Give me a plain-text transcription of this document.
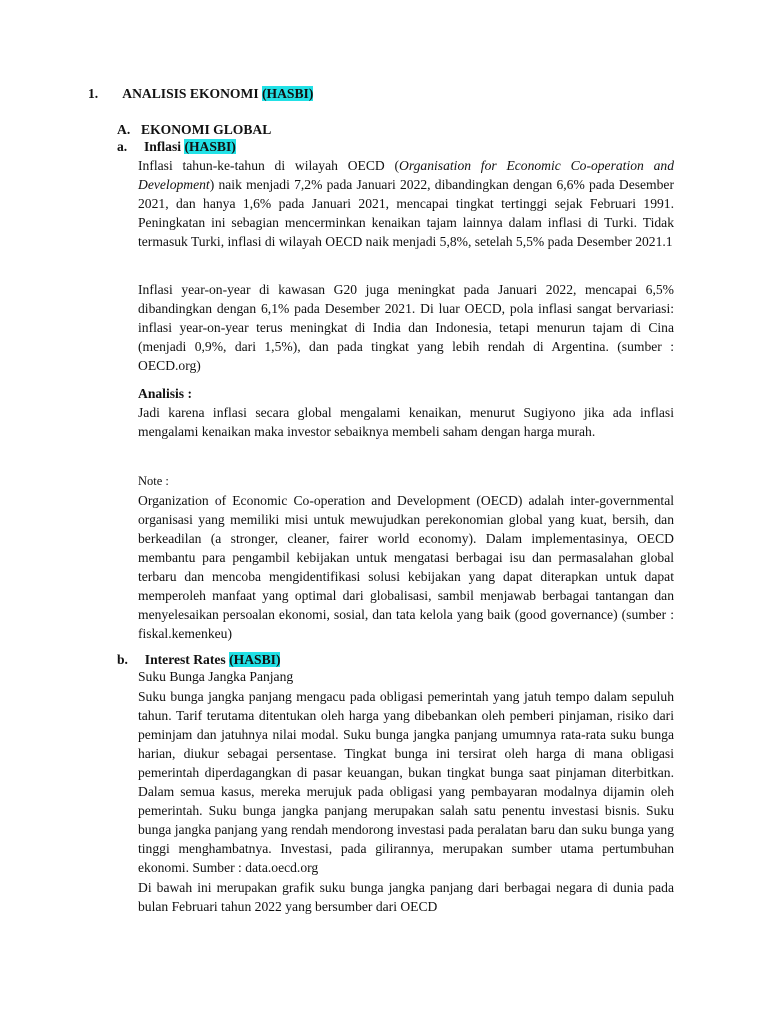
1. ANALISIS EKONOMI (HASBI)
A. EKONOMI GLOBAL
a. Inflasi (HASBI)

Inflasi tahun-ke-tahun di wilayah OECD (Organisation for Economic Co-operation and Development) naik menjadi 7,2% pada Januari 2022, dibandingkan dengan 6,6% pada Desember 2021, dan hanya 1,6% pada Januari 2021, mencapai tingkat tertinggi sejak Februari 1991. Peningkatan ini sebagian mencerminkan kenaikan tajam lainnya dalam inflasi di Turki. Tidak termasuk Turki, inflasi di wilayah OECD naik menjadi 5,8%, setelah 5,5% pada Desember 2021.1

Inflasi year-on-year di kawasan G20 juga meningkat pada Januari 2022, mencapai 6,5% dibandingkan dengan 6,1% pada Desember 2021. Di luar OECD, pola inflasi sangat bervariasi: inflasi year-on-year terus meningkat di India dan Indonesia, tetapi menurun tajam di Cina (menjadi 0,9%, dari 1,5%), dan pada tingkat yang lebih rendah di Argentina. (sumber : OECD.org)

Analisis :
Jadi karena inflasi secara global mengalami kenaikan, menurut Sugiyono jika ada inflasi mengalami kenaikan maka investor sebaiknya membeli saham dengan harga murah.
Note :
Organization of Economic Co-operation and Development (OECD) adalah inter-governmental organisasi yang memiliki misi untuk mewujudkan perekonomian global yang kuat, bersih, dan berkeadilan (a stronger, cleaner, fairer world economy). Dalam implementasinya, OECD membantu para pengambil kebijakan untuk mengatasi berbagai isu dan permasalahan global terbaru dan mencoba mengidentifikasi solusi kebijakan yang dapat diterapkan untuk dapat memperoleh manfaat yang optimal dari globalisasi, sambil menjawab berbagai tantangan dan menyelesaikan persoalan ekonomi, sosial, dan tata kelola yang baik (good governance) (sumber : fiskal.kemenkeu)
b. Interest Rates (HASBI)
Suku Bunga Jangka Panjang
Suku bunga jangka panjang mengacu pada obligasi pemerintah yang jatuh tempo dalam sepuluh tahun. Tarif terutama ditentukan oleh harga yang dibebankan oleh pemberi pinjaman, risiko dari peminjam dan jatuhnya nilai modal. Suku bunga jangka panjang umumnya rata-rata suku bunga harian, diukur sebagai persentase. Tingkat bunga ini tersirat oleh harga di mana obligasi pemerintah diperdagangkan di pasar keuangan, bukan tingkat bunga saat pinjaman diterbitkan. Dalam semua kasus, mereka merujuk pada obligasi yang pembayaran modalnya dijamin oleh pemerintah. Suku bunga jangka panjang merupakan salah satu penentu investasi bisnis. Suku bunga jangka panjang yang rendah mendorong investasi pada peralatan baru dan suku bunga yang tinggi menghambatnya. Investasi, pada gilirannya, merupakan sumber utama pertumbuhan ekonomi. Sumber : data.oecd.org
Di bawah ini merupakan grafik suku bunga jangka panjang dari berbagai negara di dunia pada bulan Februari tahun 2022 yang bersumber dari OECD
